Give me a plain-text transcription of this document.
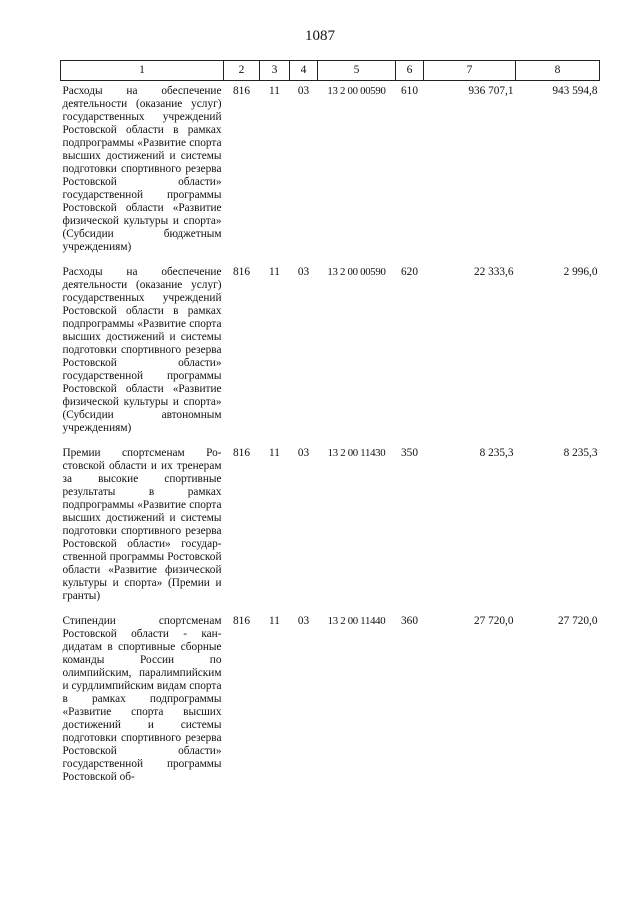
1087
1	2	3	4	5	6	7	8
Расходы на обеспечение деятельности (оказание услуг) государственных учреждений Ростовской области в рамках подпрограммы «Развитие спорта высших достижений и системы подготовки спортивного резерва Ростовской области» государственной программы Ростовской области «Развитие физической культуры и спорта» (Субсидии бюджетным учреждениям)	816	11	03	13 2 00 00590	610	936 707,1	943 594,8
Расходы на обеспечение деятельности (оказание услуг) государственных учреждений Ростовской области в рамках подпрограммы «Развитие спорта высших достижений и системы подготовки спортивного резерва Ростовской области» государственной программы Ростовской области «Развитие физической культуры и спорта» (Субсидии автономным учреждениям)	816	11	03	13 2 00 00590	620	22 333,6	2 996,0
Премии спортсменам Ростовской области и их тренерам за высокие спортивные результаты в рамках подпрограммы «Развитие спорта высших достижений и системы подготовки спортивного резерва Ростовской области» государственной программы Ростовской области «Развитие физической культуры и спорта» (Премии и гранты)	816	11	03	13 2 00 11430	350	8 235,3	8 235,3
Стипендии спортсменам Ростовской области - кандидатам в спортивные сборные команды России по олимпийским, паралимпийским и сурдлимпийским видам спорта в рамках подпрограммы «Развитие спорта высших достижений и системы подготовки спортивного резерва Ростовской области» государственной программы Ростовской об-	816	11	03	13 2 00 11440	360	27 720,0	27 720,0
